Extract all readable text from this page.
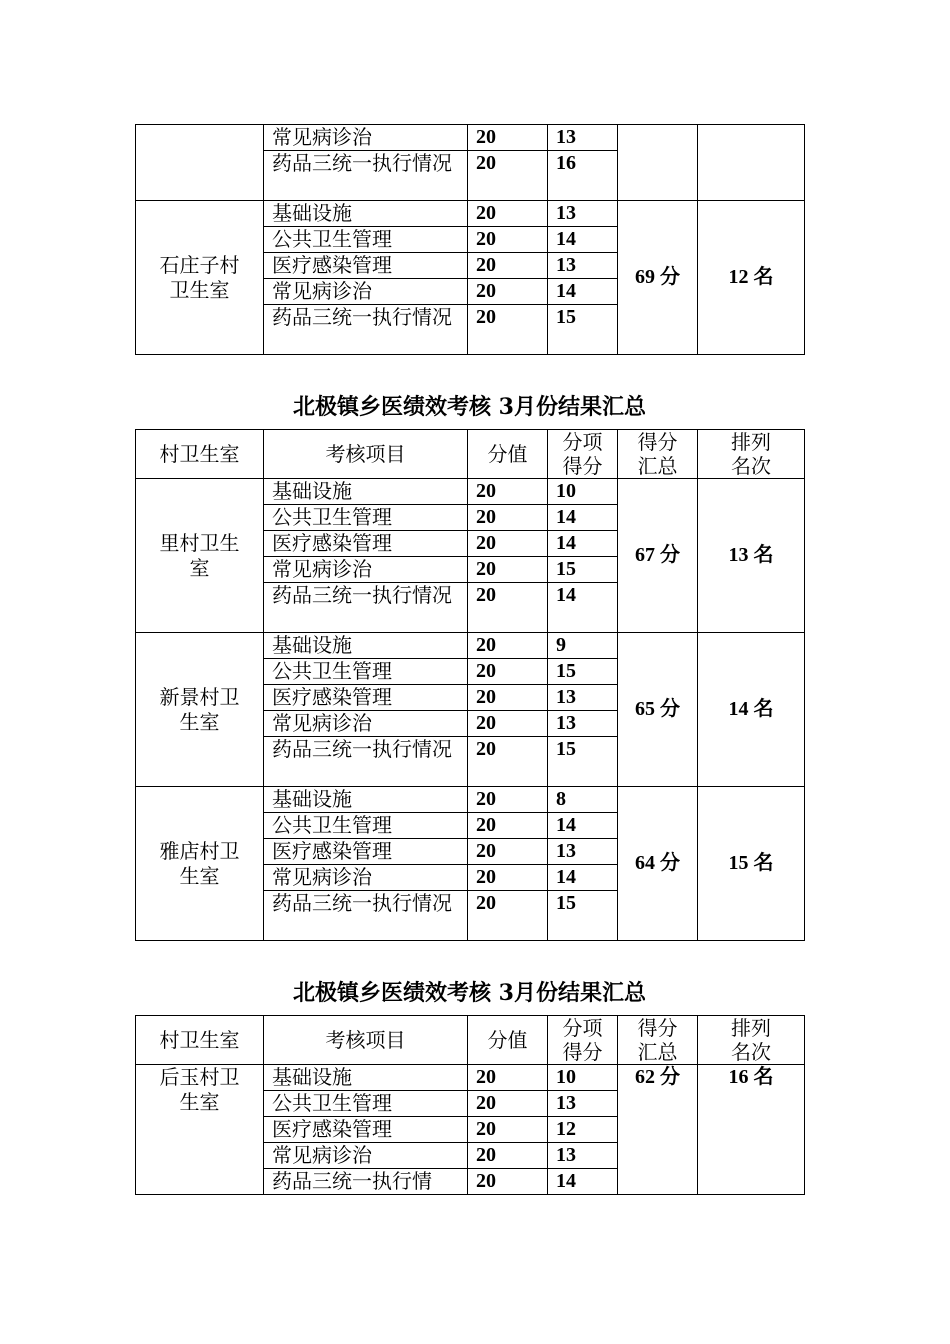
	常见病诊治	20	13		
	药品三统一执行情况	20	16		
石庄子村卫生室	基础设施	20	13	69 分	12 名
	公共卫生管理	20	14		
	医疗感染管理	20	13		
	常见病诊治	20	14		
	药品三统一执行情况	20	15		
北极镇乡医绩效考核 3月份结果汇总
村卫生室	考核项目	分值	分项得分	得分汇总	排列名次
里村卫生室	基础设施	20	10	67 分	13 名
	公共卫生管理	20	14		
	医疗感染管理	20	14		
	常见病诊治	20	15		
	药品三统一执行情况	20	14		
新景村卫生室	基础设施	20	9	65 分	14 名
	公共卫生管理	20	15		
	医疗感染管理	20	13		
	常见病诊治	20	13		
	药品三统一执行情况	20	15		
雅店村卫生室	基础设施	20	8	64 分	15 名
	公共卫生管理	20	14		
	医疗感染管理	20	13		
	常见病诊治	20	14		
	药品三统一执行情况	20	15		
北极镇乡医绩效考核 3月份结果汇总
村卫生室	考核项目	分值	分项得分	得分汇总	排列名次
后玉村卫生室	基础设施	20	10	62 分	16 名
	公共卫生管理	20	13		
	医疗感染管理	20	12		
	常见病诊治	20	13		
	药品三统一执行情	20	14		
